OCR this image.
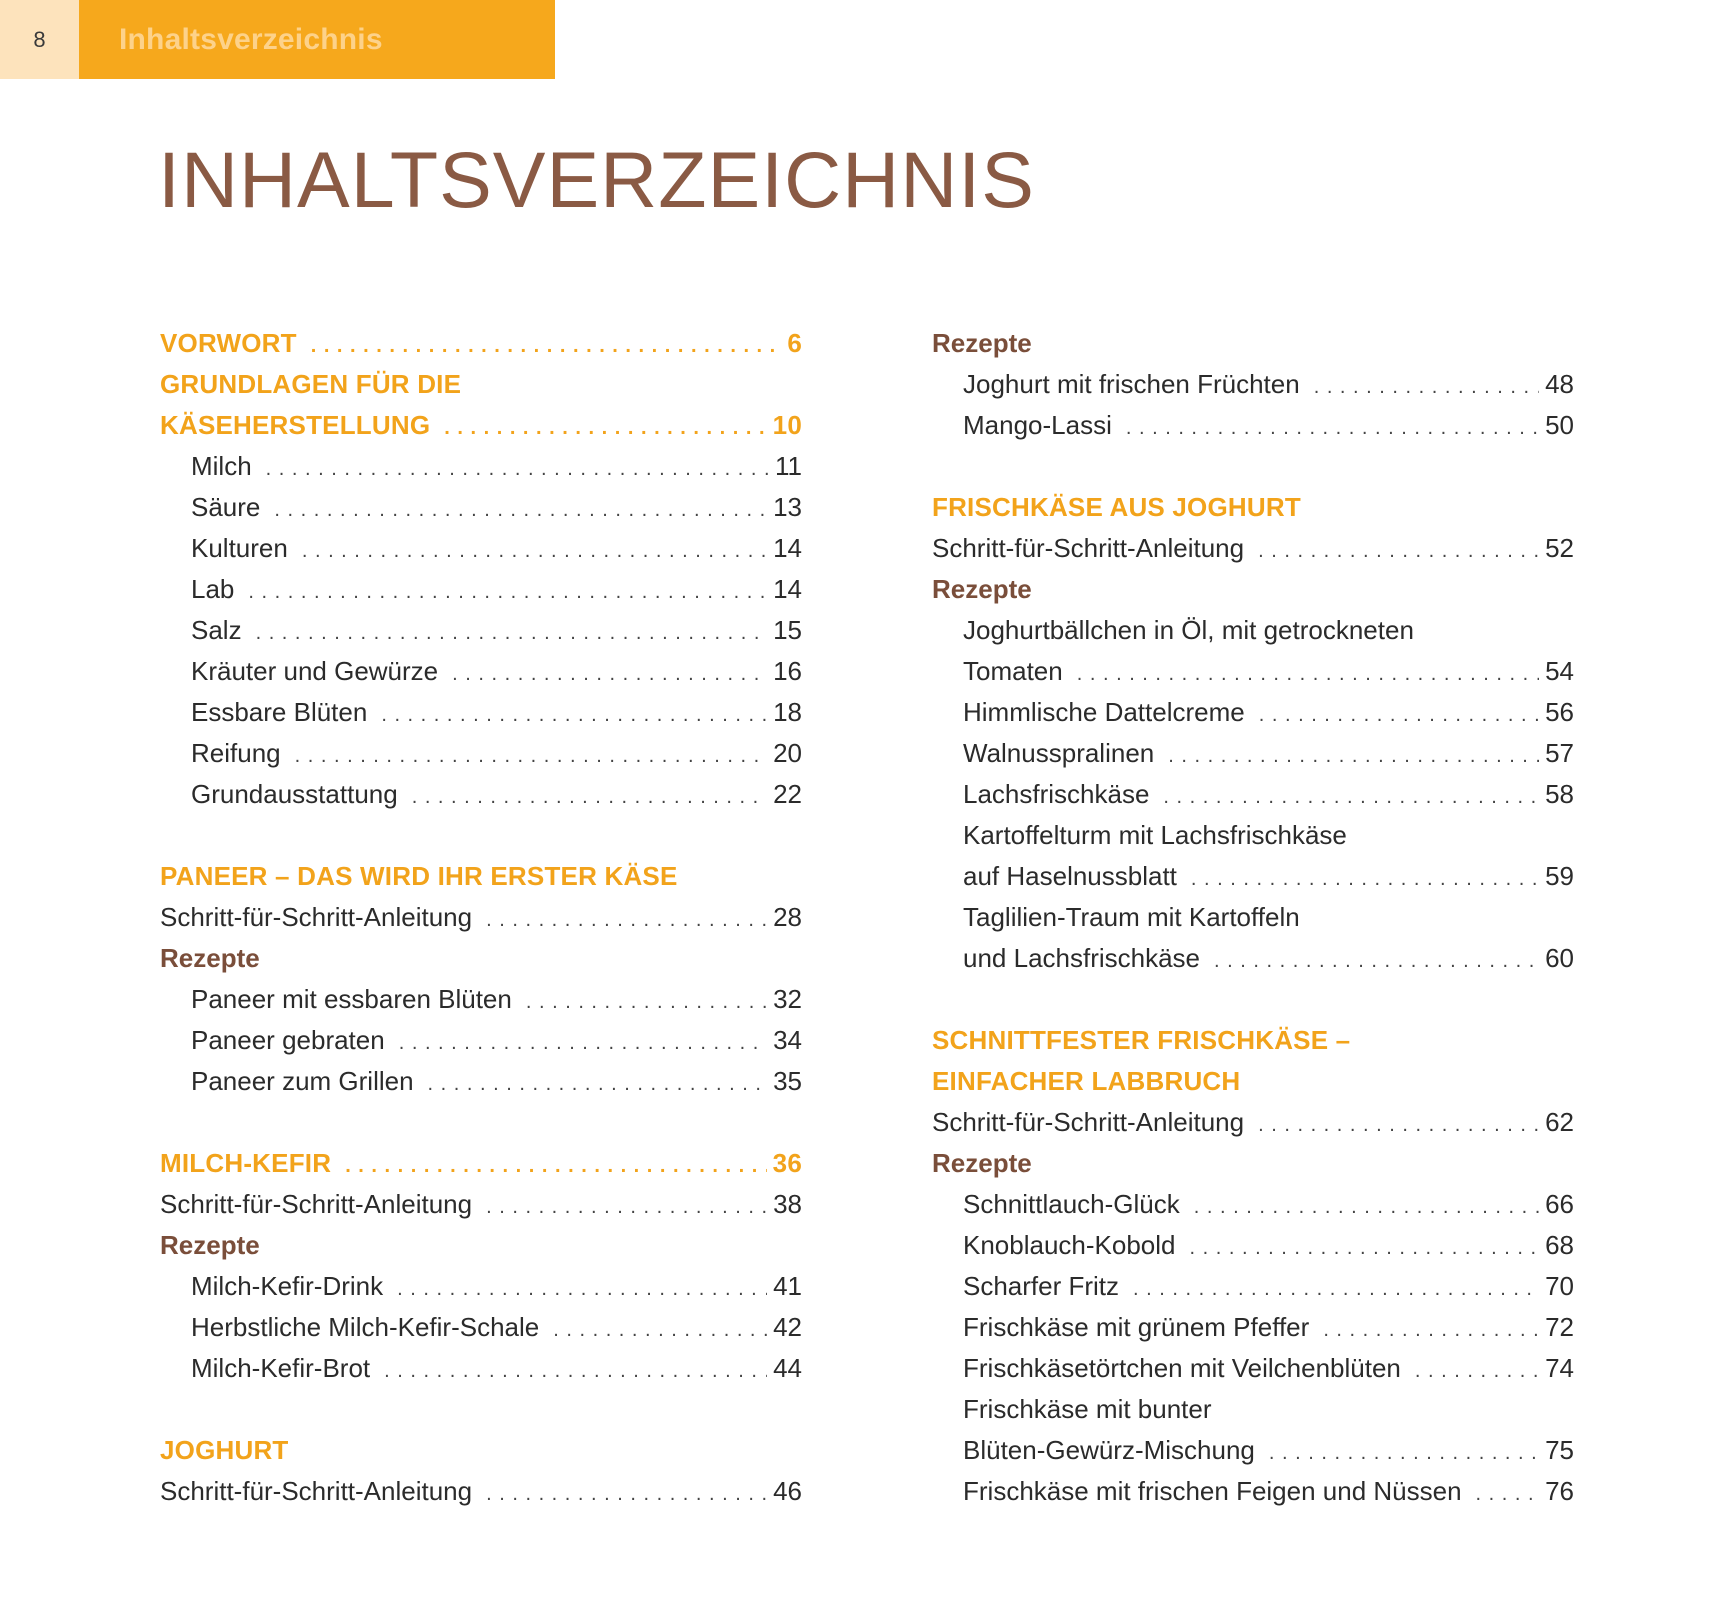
8	Inhaltsverzeichnis
INHALTSVERZEICHNIS
VORWORT . . .	6
GRUNDLAGEN FÜR DIE
KÄSEHERSTELLUNG . . .	10
Milch . . .	11
Säure . . .	13
Kulturen . . .	14
Lab . . .	14
Salz . . .	15
Kräuter und Gewürze . . .	16
Essbare Blüten . . .	18
Reifung . . .	20
Grundausstattung . . .	22
PANEER – DAS WIRD IHR ERSTER KÄSE
Schritt-für-Schritt-Anleitung . . .	28
Rezepte
Paneer mit essbaren Blüten . . .	32
Paneer gebraten . . .	34
Paneer zum Grillen . . .	35
MILCH-KEFIR . . .	36
Schritt-für-Schritt-Anleitung . . .	38
Rezepte
Milch-Kefir-Drink . . .	41
Herbstliche Milch-Kefir-Schale . . .	42
Milch-Kefir-Brot . . .	44
JOGHURT
Schritt-für-Schritt-Anleitung . . .	46
Rezepte
Joghurt mit frischen Früchten . . .	48
Mango-Lassi . . .	50
FRISCHKÄSE AUS JOGHURT
Schritt-für-Schritt-Anleitung . . .	52
Rezepte
Joghurtbällchen in Öl, mit getrockneten
Tomaten . . .	54
Himmlische Dattelcreme . . .	56
Walnusspralinen . . .	57
Lachsfrischkäse . . .	58
Kartoffelturm mit Lachsfrischkäse
auf Haselnussblatt . . .	59
Taglilien-Traum mit Kartoffeln
und Lachsfrischkäse . . .	60
SCHNITTFESTER FRISCHKÄSE –
EINFACHER LABBRUCH
Schritt-für-Schritt-Anleitung . . .	62
Rezepte
Schnittlauch-Glück . . .	66
Knoblauch-Kobold . . .	68
Scharfer Fritz . . .	70
Frischkäse mit grünem Pfeffer . . .	72
Frischkäsetörtchen mit Veilchenblüten . . .	74
Frischkäse mit bunter
Blüten-Gewürz-Mischung . . .	75
Frischkäse mit frischen Feigen und Nüssen . . .	76
